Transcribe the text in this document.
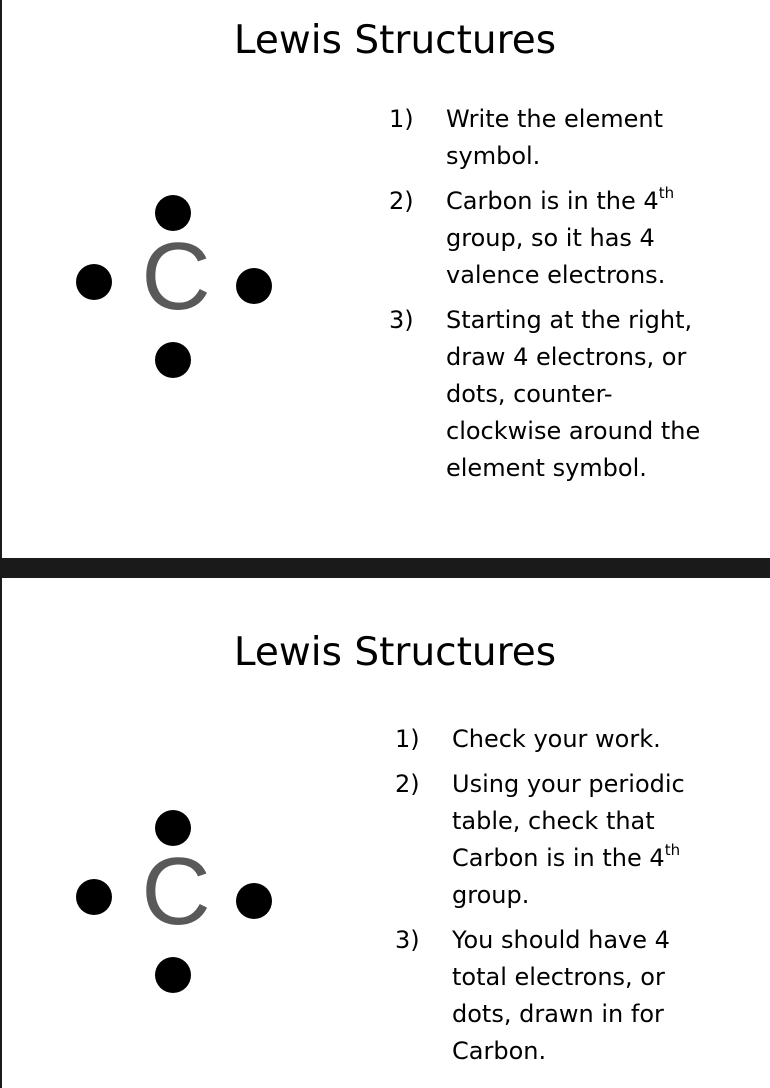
Lewis Structures
C
1) Write the element symbol.
2) Carbon is in the 4th group, so it has 4 valence electrons.
3) Starting at the right, draw 4 electrons, or dots, counter-clockwise around the element symbol.
Lewis Structures
C
1) Check your work.
2) Using your periodic table, check that Carbon is in the 4th group.
3) You should have 4 total electrons, or dots, drawn in for Carbon.
